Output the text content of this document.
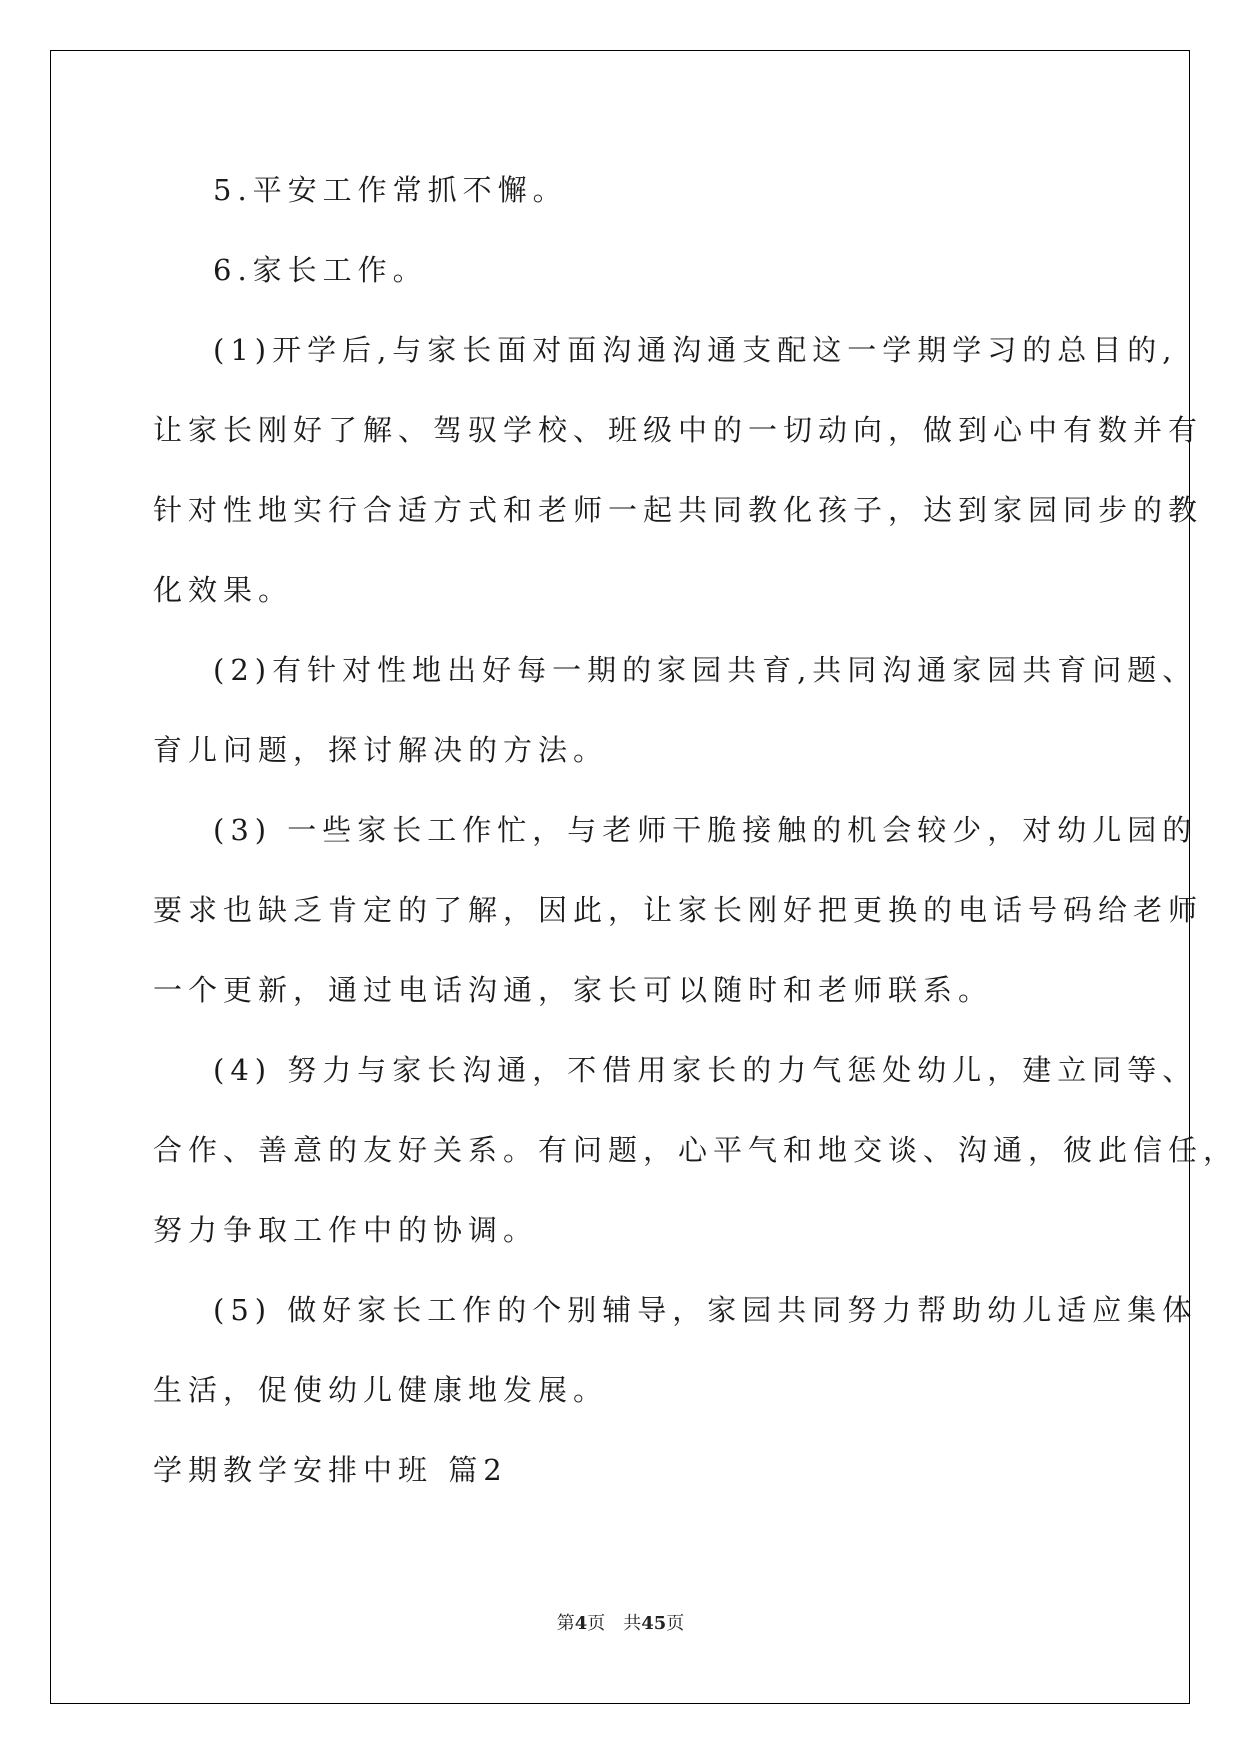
5.平安工作常抓不懈。
6.家长工作。
(1)开学后,与家长面对面沟通沟通支配这一学期学习的总目的,
让家长刚好了解、驾驭学校、班级中的一切动向，做到心中有数并有
针对性地实行合适方式和老师一起共同教化孩子，达到家园同步的教
化效果。
(2)有针对性地出好每一期的家园共育,共同沟通家园共育问题、
育儿问题，探讨解决的方法。
(3) 一些家长工作忙，与老师干脆接触的机会较少，对幼儿园的
要求也缺乏肯定的了解，因此，让家长刚好把更换的电话号码给老师
一个更新，通过电话沟通，家长可以随时和老师联系。
(4) 努力与家长沟通，不借用家长的力气惩处幼儿，建立同等、
合作、善意的友好关系。有问题，心平气和地交谈、沟通，彼此信任，
努力争取工作中的协调。
(5) 做好家长工作的个别辅导，家园共同努力帮助幼儿适应集体
生活，促使幼儿健康地发展。
学期教学安排中班 篇2
第4页 共45页
